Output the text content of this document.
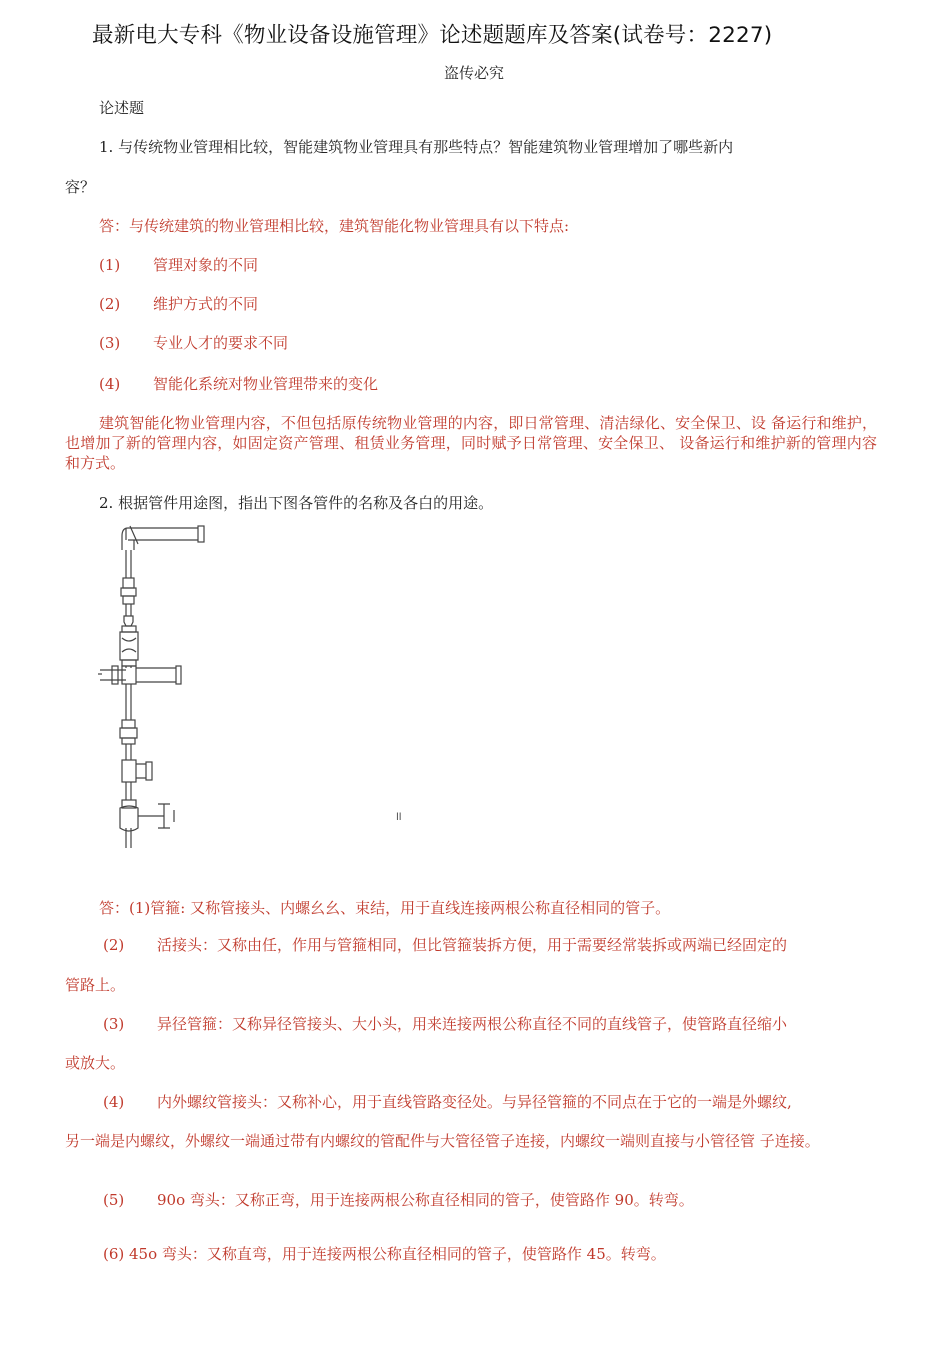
最新电大专科《物业设备设施管理》论述题题库及答案(试卷号：2227)
盗传必究
论述题
1. 与传统物业管理相比较，智能建筑物业管理具有那些特点？智能建筑物业管理增加了哪些新内
容？
答：与传统建筑的物业管理相比较，建筑智能化物业管理具有以下特点:
(1) 管理对象的不同
(2) 维护方式的不同
(3) 专业人才的要求不同
(4) 智能化系统对物业管理带来的变化
建筑智能化物业管理内容，不但包括原传统物业管理的内容，即日常管理、清洁绿化、安全保卫、设 备运行和维护，也增加了新的管理内容，如固定资产管理、租赁业务管理，同时赋予日常管理、安全保卫、 设备运行和维护新的管理内容和方式。
2. 根据管件用途图，指出下图各管件的名称及各白的用途。
ll
答：(1)管箍: 又称管接头、内螺幺幺、束结，用于直线连接两根公称直径相同的管子。
(2) 活接头：又称由任，作用与管箍相同，但比管箍装拆方便，用于需要经常装拆或两端已经固定的
管路上。
(3) 异径管箍：又称异径管接头、大小头，用来连接两根公称直径不同的直线管子，使管路直径缩小
或放大。
(4) 内外螺纹管接头：又称补心，用于直线管路变径处。与异径管箍的不同点在于它的一端是外螺纹,
另一端是内螺纹，外螺纹一端通过带有内螺纹的管配件与大管径管子连接，内螺纹一端则直接与小管径管 子连接。
(5) 90o 弯头：又称正弯，用于连接两根公称直径相同的管子，使管路作 90。转弯。
(6) 45o 弯头：又称直弯，用于连接两根公称直径相同的管子，使管路作 45。转弯。
